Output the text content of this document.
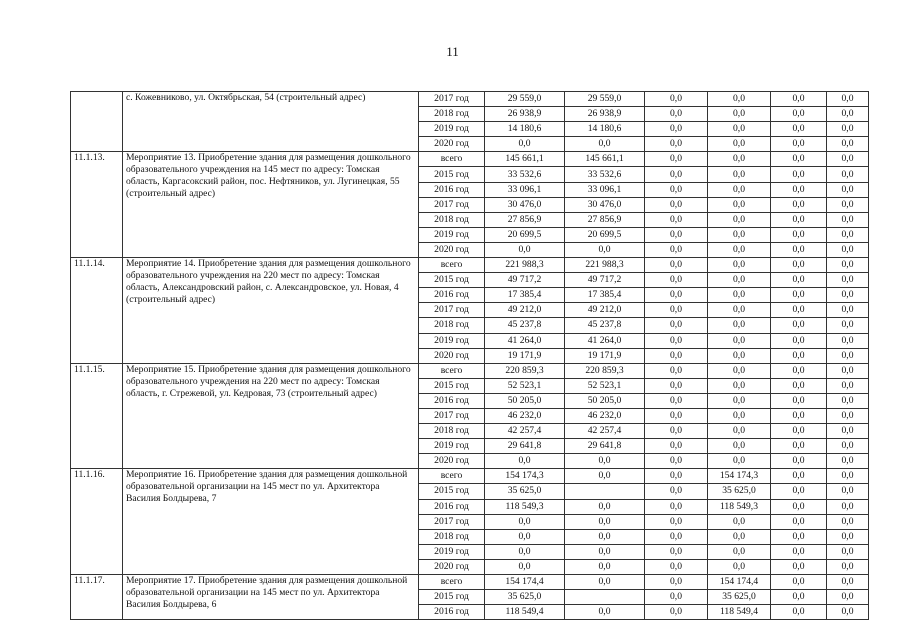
11
	с. Кожевниково, ул. Октябрьская, 54 (строительный адрес)	2017 год	29 559,0	29 559,0	0,0	0,0	0,0	0,0
		2018 год	26 938,9	26 938,9	0,0	0,0	0,0	0,0
		2019 год	14 180,6	14 180,6	0,0	0,0	0,0	0,0
		2020 год	0,0	0,0	0,0	0,0	0,0	0,0
11.1.13.	Мероприятие 13. Приобретение здания для размещения дошкольного образовательного учреждения на 145 мест по адресу: Томская область, Каргасокский район, пос. Нефтяников, ул. Лугинецкая, 55 (строительный адрес)	всего	145 661,1	145 661,1	0,0	0,0	0,0	0,0
		2015 год	33 532,6	33 532,6	0,0	0,0	0,0	0,0
		2016 год	33 096,1	33 096,1	0,0	0,0	0,0	0,0
		2017 год	30 476,0	30 476,0	0,0	0,0	0,0	0,0
		2018 год	27 856,9	27 856,9	0,0	0,0	0,0	0,0
		2019 год	20 699,5	20 699,5	0,0	0,0	0,0	0,0
		2020 год	0,0	0,0	0,0	0,0	0,0	0,0
11.1.14.	Мероприятие 14. Приобретение здания для размещения дошкольного образовательного учреждения на 220 мест по адресу: Томская область, Александровский район, с. Александровское, ул. Новая, 4 (строительный адрес)	всего	221 988,3	221 988,3	0,0	0,0	0,0	0,0
		2015 год	49 717,2	49 717,2	0,0	0,0	0,0	0,0
		2016 год	17 385,4	17 385,4	0,0	0,0	0,0	0,0
		2017 год	49 212,0	49 212,0	0,0	0,0	0,0	0,0
		2018 год	45 237,8	45 237,8	0,0	0,0	0,0	0,0
		2019 год	41 264,0	41 264,0	0,0	0,0	0,0	0,0
		2020 год	19 171,9	19 171,9	0,0	0,0	0,0	0,0
11.1.15.	Мероприятие 15. Приобретение здания для размещения дошкольного образовательного учреждения на 220 мест по адресу: Томская область, г. Стрежевой, ул. Кедровая, 73 (строительный адрес)	всего	220 859,3	220 859,3	0,0	0,0	0,0	0,0
		2015 год	52 523,1	52 523,1	0,0	0,0	0,0	0,0
		2016 год	50 205,0	50 205,0	0,0	0,0	0,0	0,0
		2017 год	46 232,0	46 232,0	0,0	0,0	0,0	0,0
		2018 год	42 257,4	42 257,4	0,0	0,0	0,0	0,0
		2019 год	29 641,8	29 641,8	0,0	0,0	0,0	0,0
		2020 год	0,0	0,0	0,0	0,0	0,0	0,0
11.1.16.	Мероприятие 16. Приобретение здания для размещения дошкольной образовательной организации на 145 мест по ул. Архитектора Василия Болдырева, 7	всего	154 174,3	0,0	0,0	154 174,3	0,0	0,0
		2015 год	35 625,0		0,0	35 625,0	0,0	0,0
		2016 год	118 549,3	0,0	0,0	118 549,3	0,0	0,0
		2017 год	0,0	0,0	0,0	0,0	0,0	0,0
		2018 год	0,0	0,0	0,0	0,0	0,0	0,0
		2019 год	0,0	0,0	0,0	0,0	0,0	0,0
		2020 год	0,0	0,0	0,0	0,0	0,0	0,0
11.1.17.	Мероприятие 17. Приобретение здания для размещения дошкольной образовательной организации на 145 мест по ул. Архитектора Василия Болдырева, 6	всего	154 174,4	0,0	0,0	154 174,4	0,0	0,0
		2015 год	35 625,0		0,0	35 625,0	0,0	0,0
		2016 год	118 549,4	0,0	0,0	118 549,4	0,0	0,0
